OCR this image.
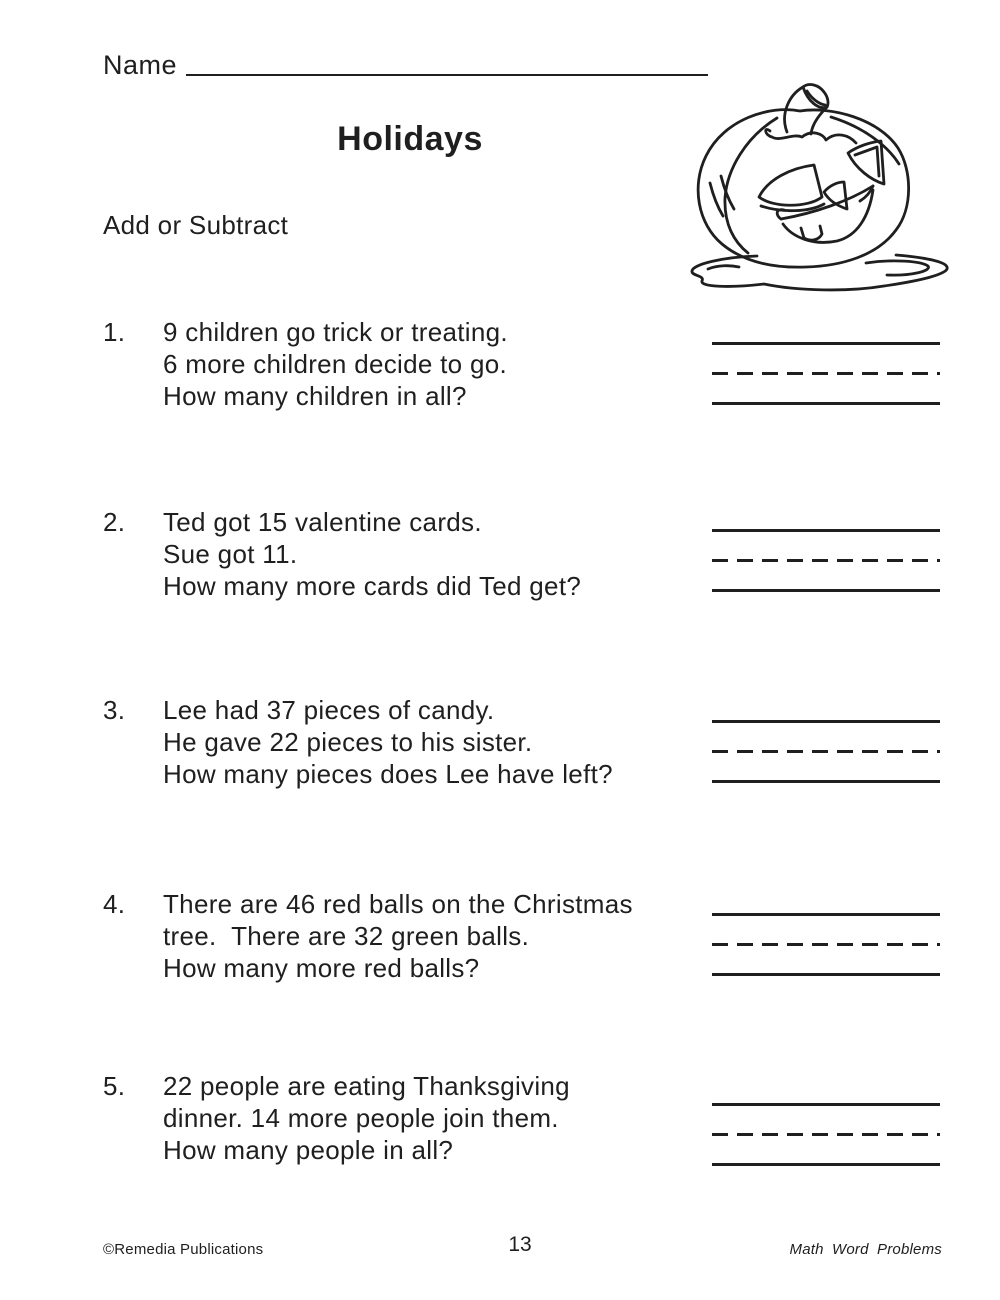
Name
Holidays
Add or Subtract
1. 9 children go trick or treating.
6 more children decide to go.
How many children in all?
2. Ted got 15 valentine cards.
Sue got 11.
How many more cards did Ted get?
3. Lee had 37 pieces of candy.
He gave 22 pieces to his sister.
How many pieces does Lee have left?
4. There are 46 red balls on the Christmas
tree.  There are 32 green balls.
How many more red balls?
5. 22 people are eating Thanksgiving
dinner. 14 more people join them.
How many people in all?
©Remedia Publications	13	Math Word Problems
